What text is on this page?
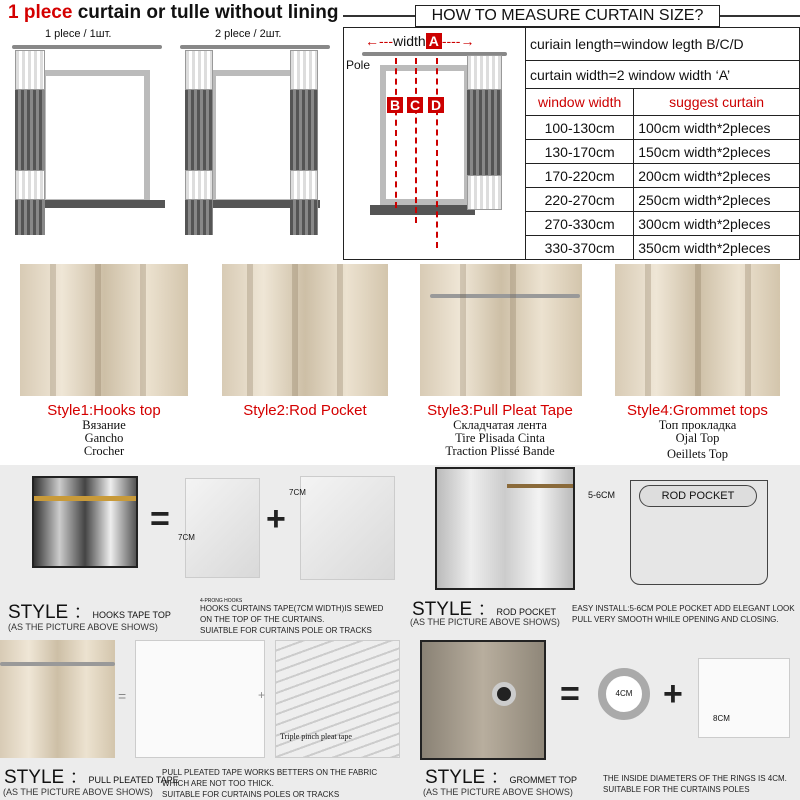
1 plece curtain or tulle without lining
1 plece / 1шт.	2 plece / 2шт.
HOW TO MEASURE CURTAIN SIZE?
←‑‑‑width A ‑‑‑‑→
Pole
B C D
curiain length=window legth B/C/D	
curtain width=2 window width ‘A’	
window width	suggest curtain
100-130cm	100cm width*2pleces
130-170cm	150cm width*2pleces
170-220cm	200cm width*2pleces
220-270cm	250cm width*2pleces
270-330cm	300cm width*2pleces
330-370cm	350cm width*2pleces
Style1:Hooks top
Вязание
Gancho
Crocher
Style2:Rod Pocket	Style3:Pull Pleat Tape
Складчатая лента
Tire Plisada Cinta
Traction Plissé Bande
Style4:Grommet tops
Топ прокладка
Ojal Top
Oeillets Top
= 7CM
4-PRONG HOOKS
+
7CM
STYLE ：HOOKS TAPE TOP
(AS THE PICTURE ABOVE SHOWS)
HOOKS CURTAINS TAPE(7CM WIDTH)IS SEWED
ON THE TOP OF THE CURTAINS.
SUIATBLE FOR CURTAINS POLE OR TRACKS
5-6CM	ROD POCKET
STYLE ：ROD POCKET
(AS THE PICTURE ABOVE SHOWS)
EASY INSTALL:5-6CM POLE POCKET ADD ELEGANT LOOK
PULL VERY SMOOTH WHILE OPENING AND CLOSING.
=	+
Triple pinch pleat tape
STYLE ：PULL PLEATED TAPE
(AS THE PICTURE ABOVE SHOWS)
PULL PLEATED TAPE WORKS BETTERS ON THE FABRIC
WHICH ARE NOT TOO THICK.
SUITABLE FOR CURTAINS POLES OR TRACKS
=	4CM +
8CM
STYLE ：GROMMET TOP
(AS THE PICTURE ABOVE SHOWS)
THE INSIDE DIAMETERS OF THE RINGS IS 4CM.
SUITABLE FOR THE CURTAINS POLES
